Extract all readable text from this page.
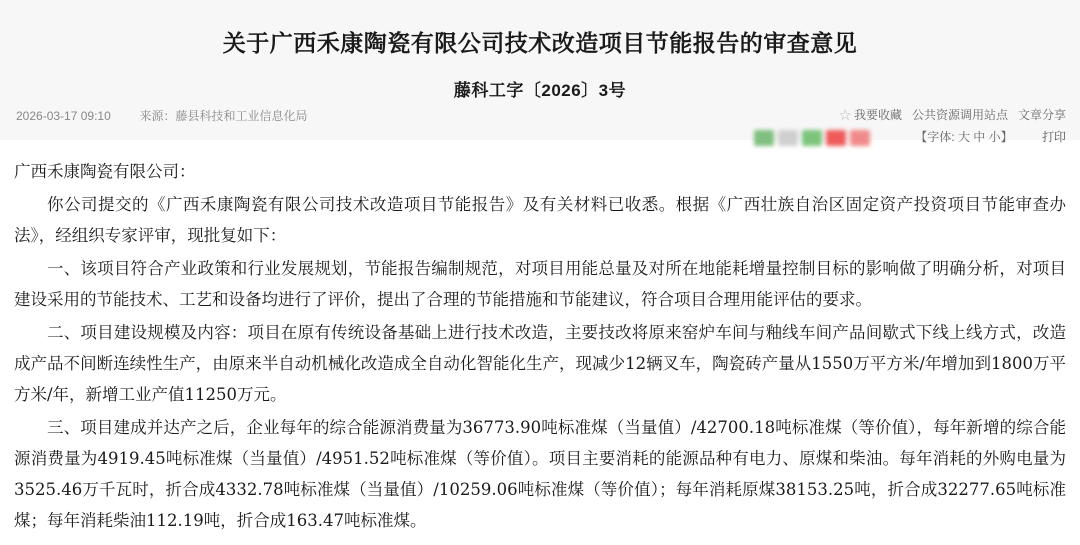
关于广西禾康陶瓷有限公司技术改造项目节能报告的审查意见
藤科工字〔2026〕3号
2026-03-17 09:10 来源：藤县科技和工业信息化局	☆ 我要收藏 公共资源调用站点 文章分享
【字体: 大 中 小】 打印

广西禾康陶瓷有限公司：

你公司提交的《广西禾康陶瓷有限公司技术改造项目节能报告》及有关材料已收悉。根据《广西壮族自治区固定资产投资项目节能审查办法》，经组织专家评审，现批复如下：

一、该项目符合产业政策和行业发展规划，节能报告编制规范，对项目用能总量及对所在地能耗增量控制目标的影响做了明确分析，对项目建设采用的节能技术、工艺和设备均进行了评价，提出了合理的节能措施和节能建议，符合项目合理用能评估的要求。

二、项目建设规模及内容：项目在原有传统设备基础上进行技术改造，主要技改将原来窑炉车间与釉线车间产品间歇式下线上线方式，改造成产品不间断连续性生产，由原来半自动机械化改造成全自动化智能化生产，现减少12辆叉车，陶瓷砖产量从1550万平方米/年增加到1800万平方米/年，新增工业产值11250万元。

三、项目建成并达产之后，企业每年的综合能源消费量为36773.90吨标准煤（当量值）/42700.18吨标准煤（等价值），每年新增的综合能源消费量为4919.45吨标准煤（当量值）/4951.52吨标准煤（等价值）。项目主要消耗的能源品种有电力、原煤和柴油。每年消耗的外购电量为3525.46万千瓦时，折合成4332.78吨标准煤（当量值）/10259.06吨标准煤（等价值）；每年消耗原煤38153.25吨，折合成32277.65吨标准煤；每年消耗柴油112.19吨，折合成163.47吨标准煤。
